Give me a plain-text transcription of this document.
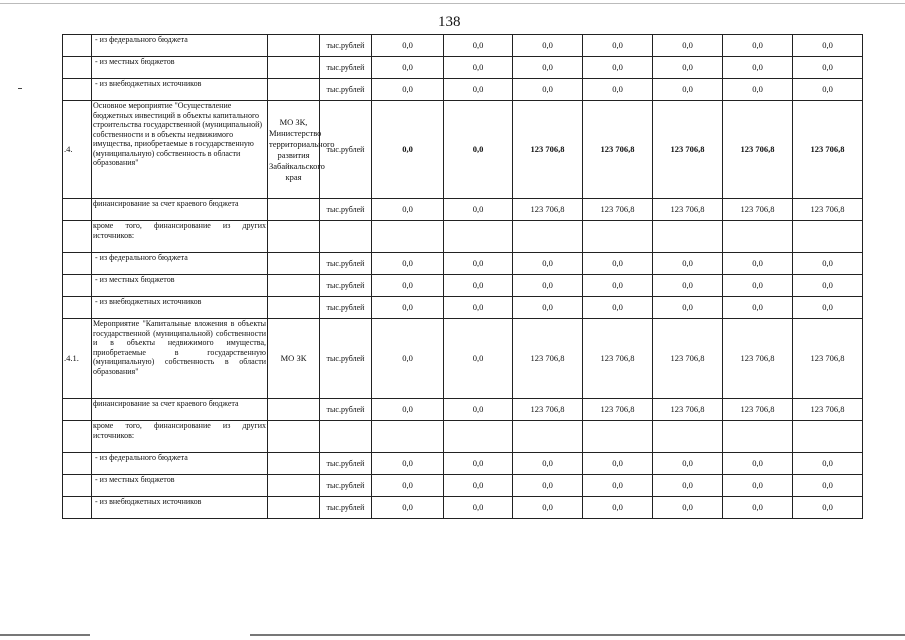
138
	- из федерального бюджета		тыс.рублей	0,0	0,0	0,0	0,0	0,0	0,0	0,0
	- из местных бюджетов		тыс.рублей	0,0	0,0	0,0	0,0	0,0	0,0	0,0
	- из внебюджетных источников		тыс.рублей	0,0	0,0	0,0	0,0	0,0	0,0	0,0
.4.	Основное мероприятие "Осуществление бюджетных инвестиций в объекты капитального строительства государственной (муниципальной) собственности и в объекты недвижимого имущества, приобретаемые в государственную (муниципальную) собственность в области образования"	МО ЗК, Министерство территориального развития Забайкальского края	тыс.рублей	0,0	0,0	123 706,8	123 706,8	123 706,8	123 706,8	123 706,8
	финансирование за счет краевого бюджета		тыс.рублей	0,0	0,0	123 706,8	123 706,8	123 706,8	123 706,8	123 706,8
	кроме того, финансирование из других источников:									
	- из федерального бюджета		тыс.рублей	0,0	0,0	0,0	0,0	0,0	0,0	0,0
	- из местных бюджетов		тыс.рублей	0,0	0,0	0,0	0,0	0,0	0,0	0,0
	- из внебюджетных источников		тыс.рублей	0,0	0,0	0,0	0,0	0,0	0,0	0,0
.4.1.	Мероприятие "Капитальные вложения в объекты государственной (муниципальной) собственности и в объекты недвижимого имущества, приобретаемые в государственную (муниципальную) собственность в области образования"	МО ЗК	тыс.рублей	0,0	0,0	123 706,8	123 706,8	123 706,8	123 706,8	123 706,8
	финансирование за счет краевого бюджета		тыс.рублей	0,0	0,0	123 706,8	123 706,8	123 706,8	123 706,8	123 706,8
	кроме того, финансирование из других источников:									
	- из федерального бюджета		тыс.рублей	0,0	0,0	0,0	0,0	0,0	0,0	0,0
	- из местных бюджетов		тыс.рублей	0,0	0,0	0,0	0,0	0,0	0,0	0,0
	- из внебюджетных источников		тыс.рублей	0,0	0,0	0,0	0,0	0,0	0,0	0,0
